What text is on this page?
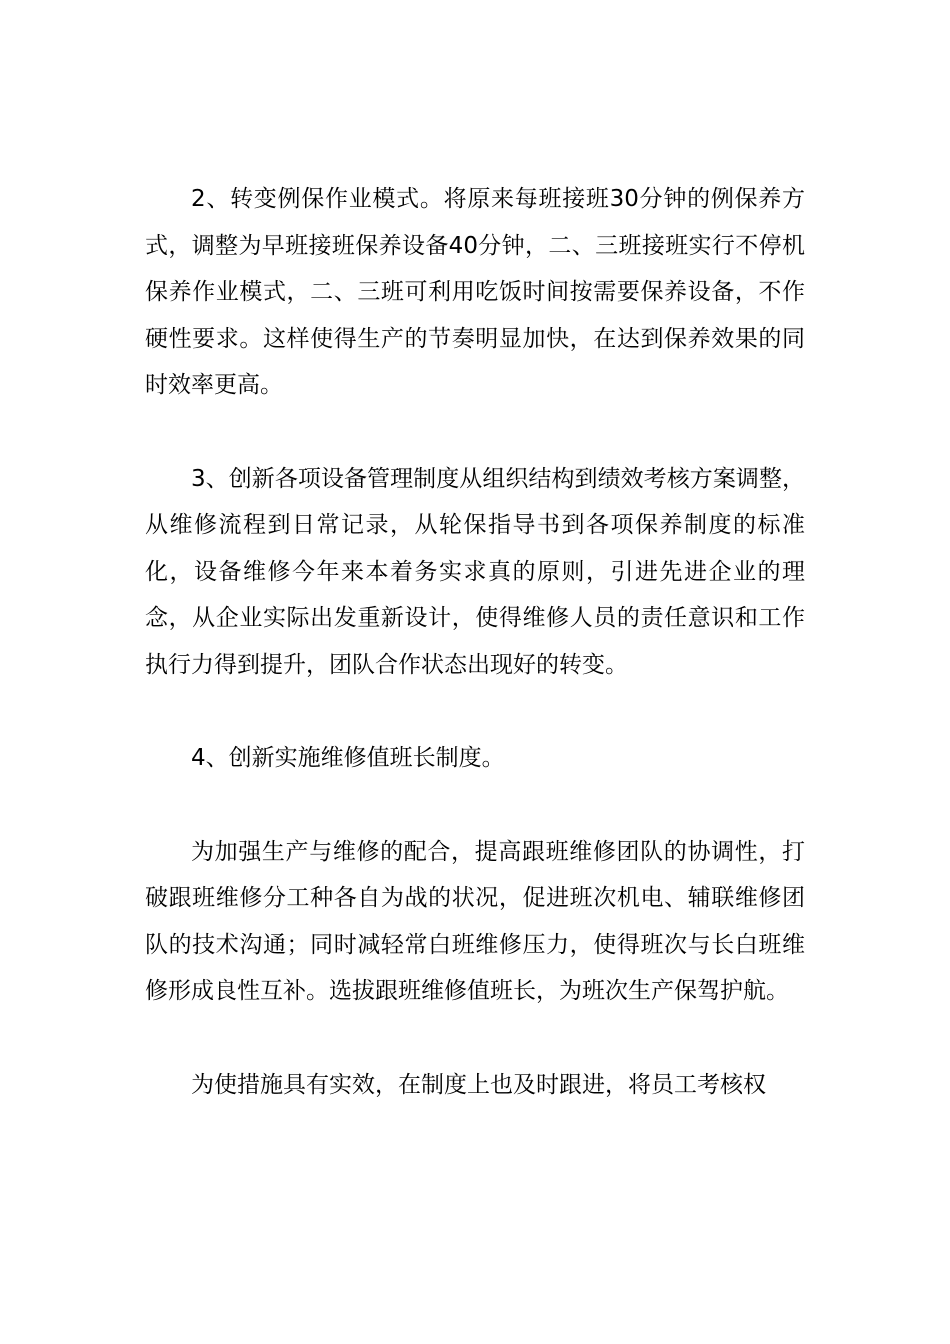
2、转变例保作业模式。将原来每班接班30分钟的例保养方式，调整为早班接班保养设备40分钟，二、三班接班实行不停机保养作业模式，二、三班可利用吃饭时间按需要保养设备，不作硬性要求。这样使得生产的节奏明显加快，在达到保养效果的同时效率更高。

3、创新各项设备管理制度从组织结构到绩效考核方案调整，从维修流程到日常记录，从轮保指导书到各项保养制度的标准化，设备维修今年来本着务实求真的原则，引进先进企业的理念，从企业实际出发重新设计，使得维修人员的责任意识和工作执行力得到提升，团队合作状态出现好的转变。

4、创新实施维修值班长制度。

为加强生产与维修的配合，提高跟班维修团队的协调性，打破跟班维修分工种各自为战的状况，促进班次机电、辅联维修团队的技术沟通；同时减轻常白班维修压力，使得班次与长白班维修形成良性互补。选拔跟班维修值班长，为班次生产保驾护航。

为使措施具有实效，在制度上也及时跟进，将员工考核权
